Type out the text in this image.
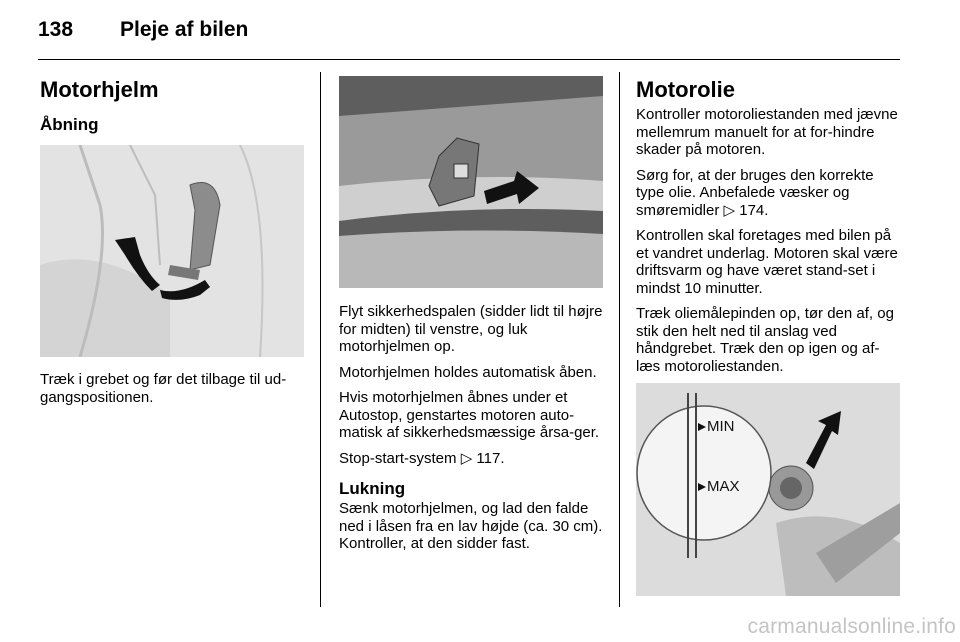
138 Pleje af bilen
Motorhjelm
Åbning

Træk i grebet og før det tilbage til ud-gangspositionen.

Flyt sikkerhedspalen (sidder lidt til højre for midten) til venstre, og luk motorhjelmen op.

Motorhjelmen holdes automatisk åben.

Hvis motorhjelmen åbnes under et Autostop, genstartes motoren auto-matisk af sikkerhedsmæssige årsa-ger.

Stop-start-system ▷ 117.

Lukning

Sænk motorhjelmen, og lad den falde ned i låsen fra en lav højde (ca. 30 cm). Kontroller, at den sidder fast.

Motorolie

Kontroller motoroliestanden med jævne mellemrum manuelt for at for-hindre skader på motoren.

Sørg for, at der bruges den korrekte type olie. Anbefalede væsker og smøremidler ▷ 174.

Kontrollen skal foretages med bilen på et vandret underlag. Motoren skal være driftsvarm og have været stand-set i mindst 10 minutter.

Træk oliemålepinden op, tør den af, og stik den helt ned til anslag ved håndgrebet. Træk den op igen og af-læs motoroliestanden.

MIN
MAX
carmanualsonline.info
